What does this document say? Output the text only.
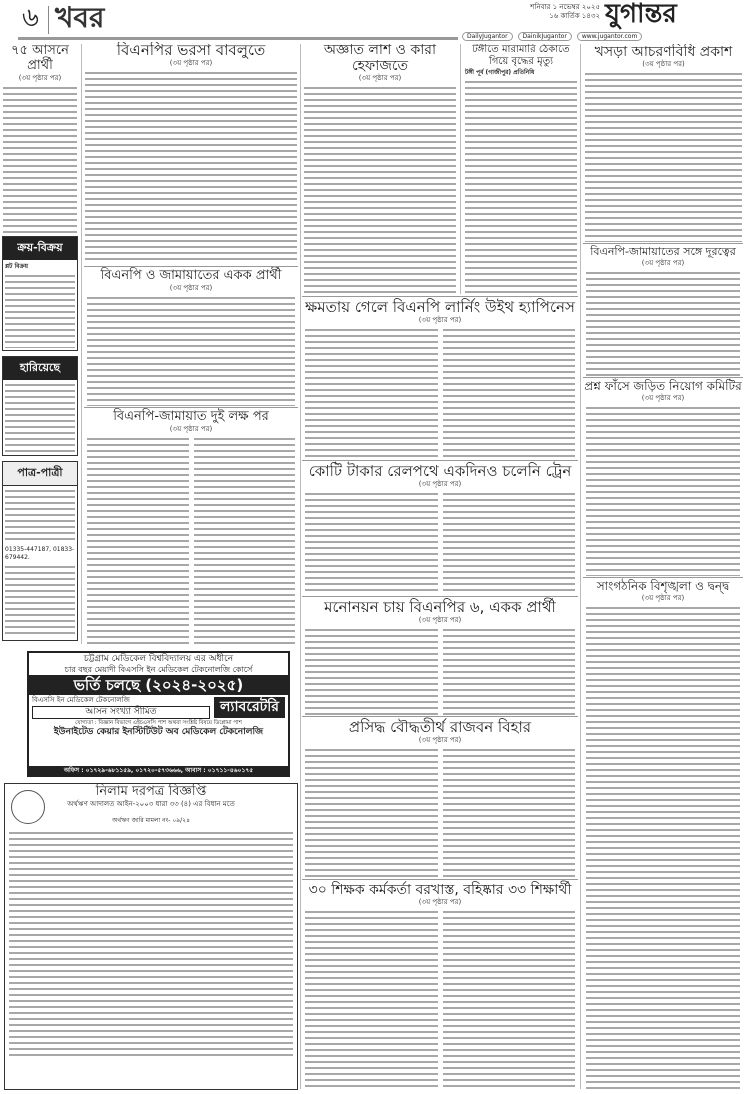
৬ খবর	শনিবার ১ নভেম্বর ২০২৫
১৬ কার্তিক ১৪৩২ যুগান্তর
DailyJugantor	DainikJugantor	www.jugantor.com
৭৫ আসনে প্রার্থী
(৩য় পৃষ্ঠার পর)
ক্রয়-বিক্রয়
প্লট বিক্রয়
হারিয়েছে
পাত্র-পাত্রী
01335-447187, 01833-679442.
বিএনপির ভরসা বাবলুতে
(৩য় পৃষ্ঠার পর)
বিএনপি ও জামায়াতের একক প্রার্থী
(৩য় পৃষ্ঠার পর)
বিএনপি-জামায়াত দুই লক্ষ পর
(৩য় পৃষ্ঠার পর)
চট্টগ্রাম মেডিকেল বিশ্ববিদ্যালয় এর অধীনে
চার বছর মেয়াদী বিএসসি ইন মেডিকেল টেকনোলজি কোর্সে
ভর্তি চলছে (২০২৪-২০২৫)
বিএসসি ইন মেডিকেল টেকনোলজি
আসন সংখ্যা সীমিত	ল্যাবরেটরি
যোগ্যতা : বিজ্ঞান বিভাগে এইচএসসি পাশ অথবা সংশ্লিষ্ট বিষয়ে ডিপ্লোমা পাশ
ইউনাইটেড কেয়ার ইনস্টিটিউট অব মেডিকেল টেকনোলজি
অফিস : ০১৭২৯-৬৮১১৫৯, ০১৭২০-৫৭৩৬৬৬, আবাস : ০১৭১১-৪৬০১৭৫
নিলাম দরপত্র বিজ্ঞপ্তি
অর্থঋণ আদালত আইন-২০০৩ ধারা ৩৩ (৪) এর বিধান মতে
অর্থঋণ জারি মামলা নং- ০৯/২৪
অজ্ঞাত লাশ ও কারা হেফাজতে
(৩য় পৃষ্ঠার পর)
টঙ্গীতে মারামারি ঠেকাতে গিয়ে বৃদ্ধের মৃত্যু
টঙ্গী পূর্ব (গাজীপুর) প্রতিনিধি
ক্ষমতায় গেলে বিএনপি লার্নিং উইথ হ্যাপিনেস
(৩য় পৃষ্ঠার পর)
কোটি টাকার রেলপথে একদিনও চলেনি ট্রেন
(৩য় পৃষ্ঠার পর)
মনোনয়ন চায় বিএনপির ৬, একক প্রার্থী
(৩য় পৃষ্ঠার পর)
প্রসিদ্ধ বৌদ্ধতীর্থ রাজবন বিহার
(৩য় পৃষ্ঠার পর)
৩০ শিক্ষক কর্মকর্তা বরখাস্ত, বহিষ্কার ৩৩ শিক্ষার্থী
(৩য় পৃষ্ঠার পর)
খসড়া আচরণবিধি প্রকাশ
(৩য় পৃষ্ঠার পর)
বিএনপি-জামায়াতের সঙ্গে দূরত্বের
(৩য় পৃষ্ঠার পর)
প্রশ্ন ফাঁসে জড়িত নিয়োগ কমিটির
(৩য় পৃষ্ঠার পর)
সাংগঠনিক বিশৃঙ্খলা ও দ্বন্দ্ব
(৩য় পৃষ্ঠার পর)
